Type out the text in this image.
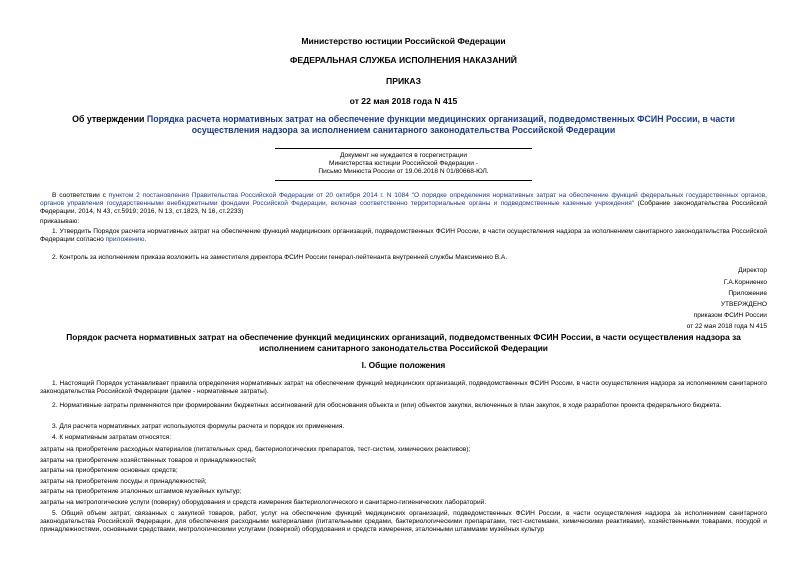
Министерство юстиции Российской Федерации
ФЕДЕРАЛЬНАЯ СЛУЖБА ИСПОЛНЕНИЯ НАКАЗАНИЙ
ПРИКАЗ
от 22 мая 2018 года N 415
Об утверждении Порядка расчета нормативных затрат на обеспечение функции медицинских организаций, подведомственных ФСИН России, в части осуществления надзора за исполнением санитарного законодательства Российской Федерации
Документ не нуждается в госрегистрации
Министерства юстиции Российской Федерации -
Письмо Минюста России от 19.06.2018 N 01/80668-ЮЛ.
В соответствии с пунктом 2 постановления Правительства Российской Федерации от 20 октября 2014 г. N 1084 "О порядке определения нормативных затрат на обеспечение функций федеральных государственных органов, органов управления государственными внебюджетными фондами Российской Федерации, включая соответственно территориальные органы и подведомственные казенные учреждения" (Собрание законодательства Российской Федерации, 2014, N 43, ст.5919; 2016, N 13, ст.1823, N 16, ст.2233)
приказываю:
1. Утвердить Порядок расчета нормативных затрат на обеспечение функций медицинских организаций, подведомственных ФСИН России, в части осуществления надзора за исполнением санитарного законодательства Российской Федерации согласно приложению.
2. Контроль за исполнением приказа возложить на заместителя директора ФСИН России генерал-лейтенанта внутренней службы Максименко В.А.
Директор
Г.А.Корниенко
Приложение
УТВЕРЖДЕНО
приказом ФСИН России
от 22 мая 2018 года N 415
Порядок расчета нормативных затрат на обеспечение функций медицинских организаций, подведомственных ФСИН России, в части осуществления надзора за исполнением санитарного законодательства Российской Федерации
I. Общие положения
1. Настоящий Порядок устанавливает правила определения нормативных затрат на обеспечение функций медицинских организаций, подведомственных ФСИН России, в части осуществления надзора за исполнением санитарного законодательства Российской Федерации (далее - нормативные затраты).
2. Нормативные затраты применяются при формировании бюджетных ассигнований для обоснования объекта и (или) объектов закупки, включенных в план закупок, в ходе разработки проекта федерального бюджета.
3. Для расчета нормативных затрат используются формулы расчета и порядок их применения.
4. К нормативным затратам относятся:
затраты на приобретение расходных материалов (питательных сред, бактериологических препаратов, тест-систем, химических реактивов);
затраты на приобретение хозяйственных товаров и принадлежностей;
затраты на приобретение основных средств;
затраты на приобретение посуды и принадлежностей;
затраты на приобретение эталонных штаммов музейных культур;
затраты на метрологические услуги (поверку) оборудования и средств измерения бактериологического и санитарно-гигиенических лабораторий.
5. Общий объем затрат, связанных с закупкой товаров, работ, услуг на обеспечение функций медицинских организаций, подведомственных ФСИН России, в части осуществления надзора за исполнением санитарного законодательства Российской Федерации, для обеспечения расходными материалами (питательными средами, бактериологическими препаратами, тест-системами, химическими реактивами), хозяйственными товарами, посудой и принадлежностями, основными средствами, метрологическими услугами (поверкой) оборудования и средств измерения, эталонными штаммами музейных культур
